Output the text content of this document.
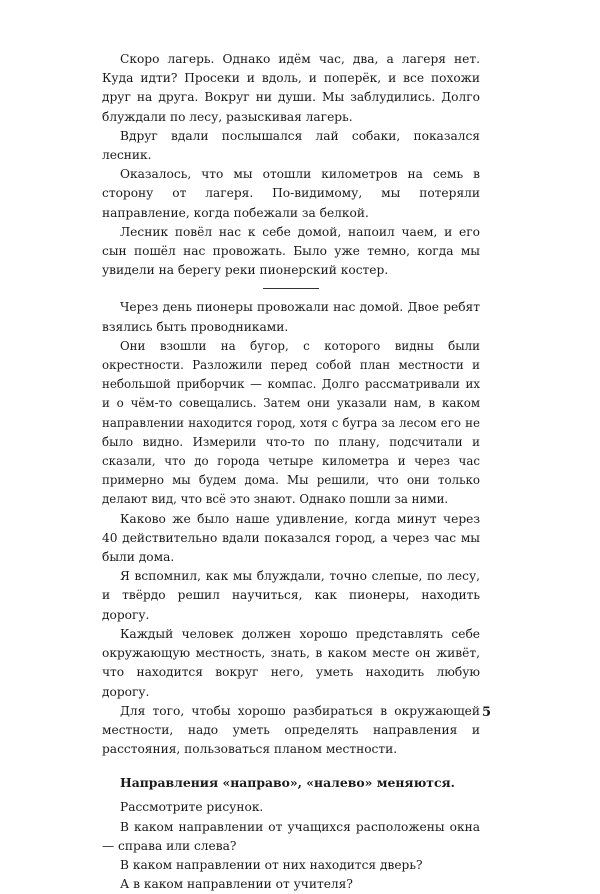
Скоро лагерь. Однако идём час, два, а лагеря нет. Куда идти? Просеки и вдоль, и поперёк, и все похожи друг на друга. Вокруг ни души. Мы заблудились. Долго блуждали по лесу, разыскивая лагерь.

Вдруг вдали послышался лай собаки, показался лесник.

Оказалось, что мы отошли километров на семь в сторону от лагеря. По-видимому, мы потеряли направление, когда побежали за белкой.

Лесник повёл нас к себе домой, напоил чаем, и его сын пошёл нас провожать. Было уже темно, когда мы увидели на берегу реки пионерский костер.

Через день пионеры провожали нас домой. Двое ребят взялись быть проводниками.

Они взошли на бугор, с которого видны были окрестности. Разложили перед собой план местности и небольшой приборчик — компас. Долго рассматривали их и о чём-то совещались. Затем они указали нам, в каком направлении находится город, хотя с бугра за лесом его не было видно. Измерили что-то по плану, подсчитали и сказали, что до города четыре километра и через час примерно мы будем дома. Мы решили, что они только делают вид, что всё это знают. Однако пошли за ними.

Каково же было наше удивление, когда минут через 40 действительно вдали показался город, а через час мы были дома.

Я вспомнил, как мы блуждали, точно слепые, по лесу, и твёрдо решил научиться, как пионеры, находить дорогу.

Каждый человек должен хорошо представлять себе окружающую местность, знать, в каком месте он живёт, что находится вокруг него, уметь находить любую дорогу.

Для того, чтобы хорошо разбираться в окружающей местности, надо уметь определять направления и расстояния, пользоваться планом местности.

Направления «направо», «налево» меняются.

Рассмотрите рисунок.

В каком направлении от учащихся расположены окна — справа или слева?

В каком направлении от них находится дверь?

А в каком направлении от учителя?

5
